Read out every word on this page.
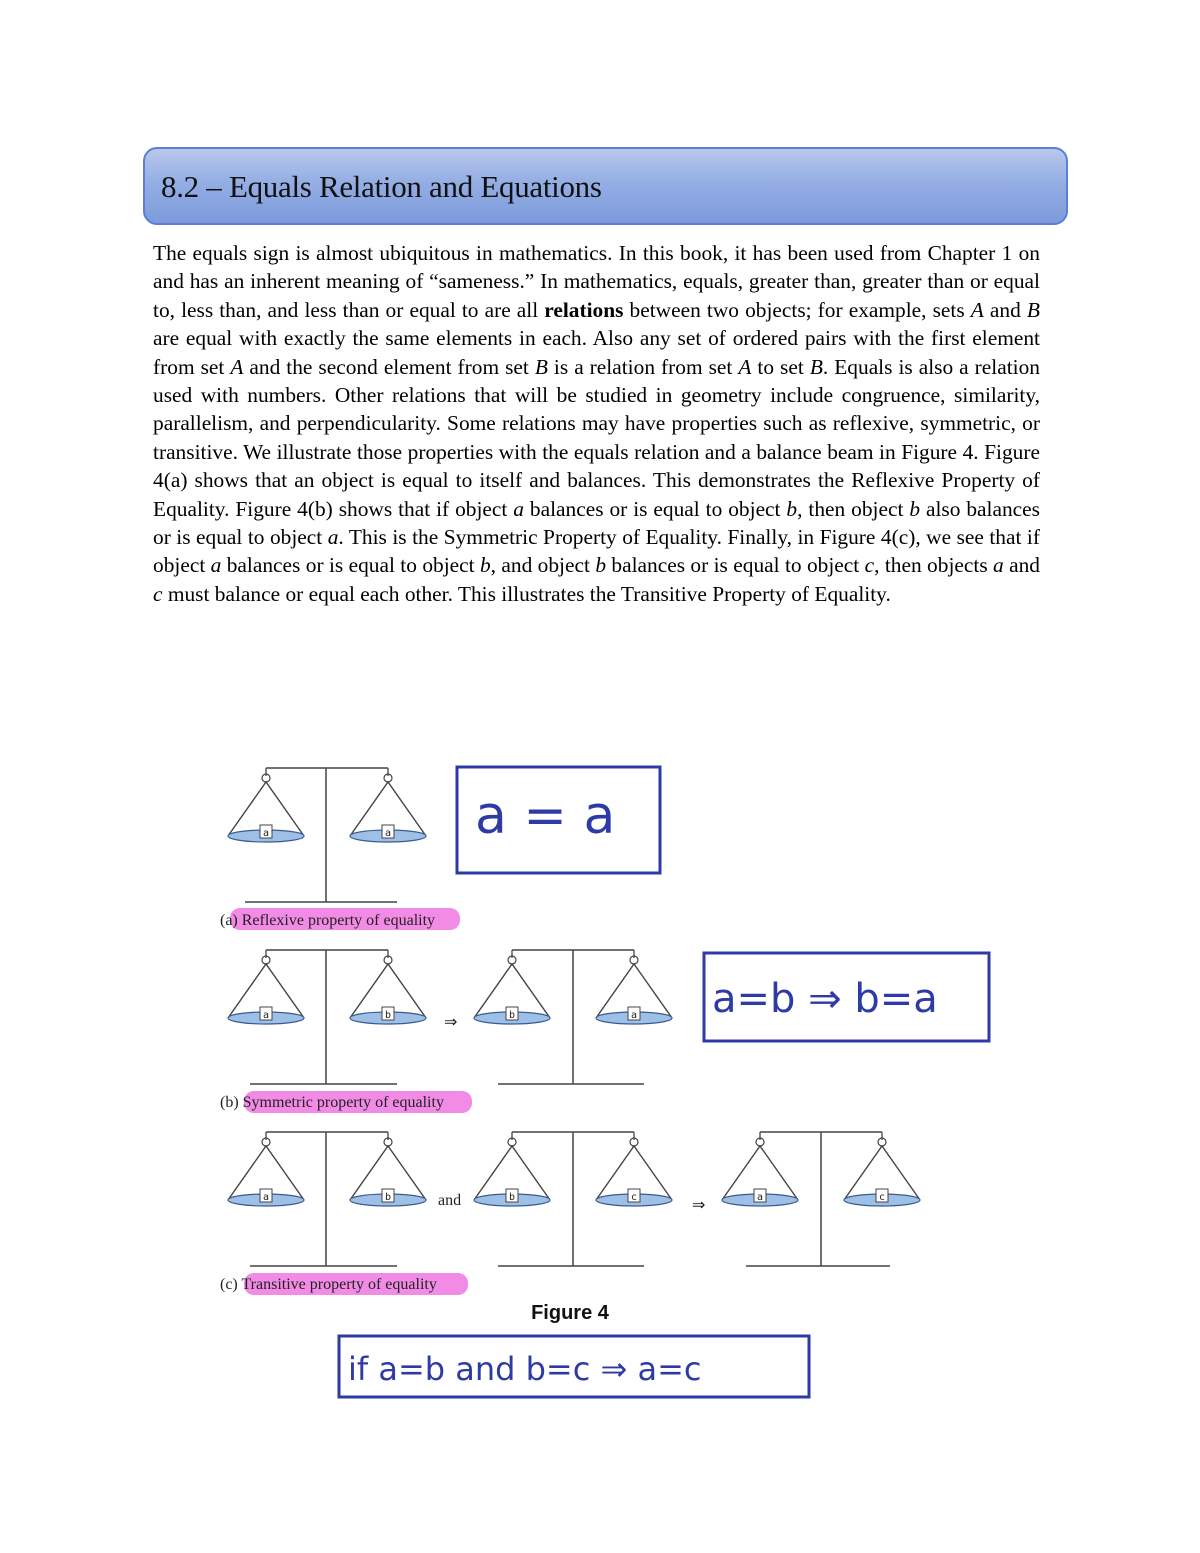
8.2 – Equals Relation and Equations

The equals sign is almost ubiquitous in mathematics. In this book, it has been used from Chapter 1 on and has an inherent meaning of “sameness.” In mathematics, equals, greater than, greater than or equal to, less than, and less than or equal to are all relations between two objects; for example, sets A and B are equal with exactly the same elements in each. Also any set of ordered pairs with the first element from set A and the second element from set B is a relation from set A to set B. Equals is also a relation used with numbers. Other relations that will be studied in geometry include congruence, similarity, parallelism, and perpendicularity. Some relations may have properties such as reflexive, symmetric, or transitive. We illustrate those properties with the equals relation and a balance beam in Figure 4. Figure 4(a) shows that an object is equal to itself and balances. This demonstrates the Reflexive Property of Equality. Figure 4(b) shows that if object a balances or is equal to object b, then object b also balances or is equal to object a. This is the Symmetric Property of Equality. Finally, in Figure 4(c), we see that if object a balances or is equal to object b, and object b balances or is equal to object c, then objects a and c must balance or equal each other. This illustrates the Transitive Property of Equality.

a	a
(a) Reflexive property of equality
a = a
a	b	⇒	b	a
(b) Symmetric property of equality
a=b ⇒ b=a
a	b	and	b	c	⇒	a	c
(c) Transitive property of equality
Figure 4
if a=b and b=c ⇒ a=c
